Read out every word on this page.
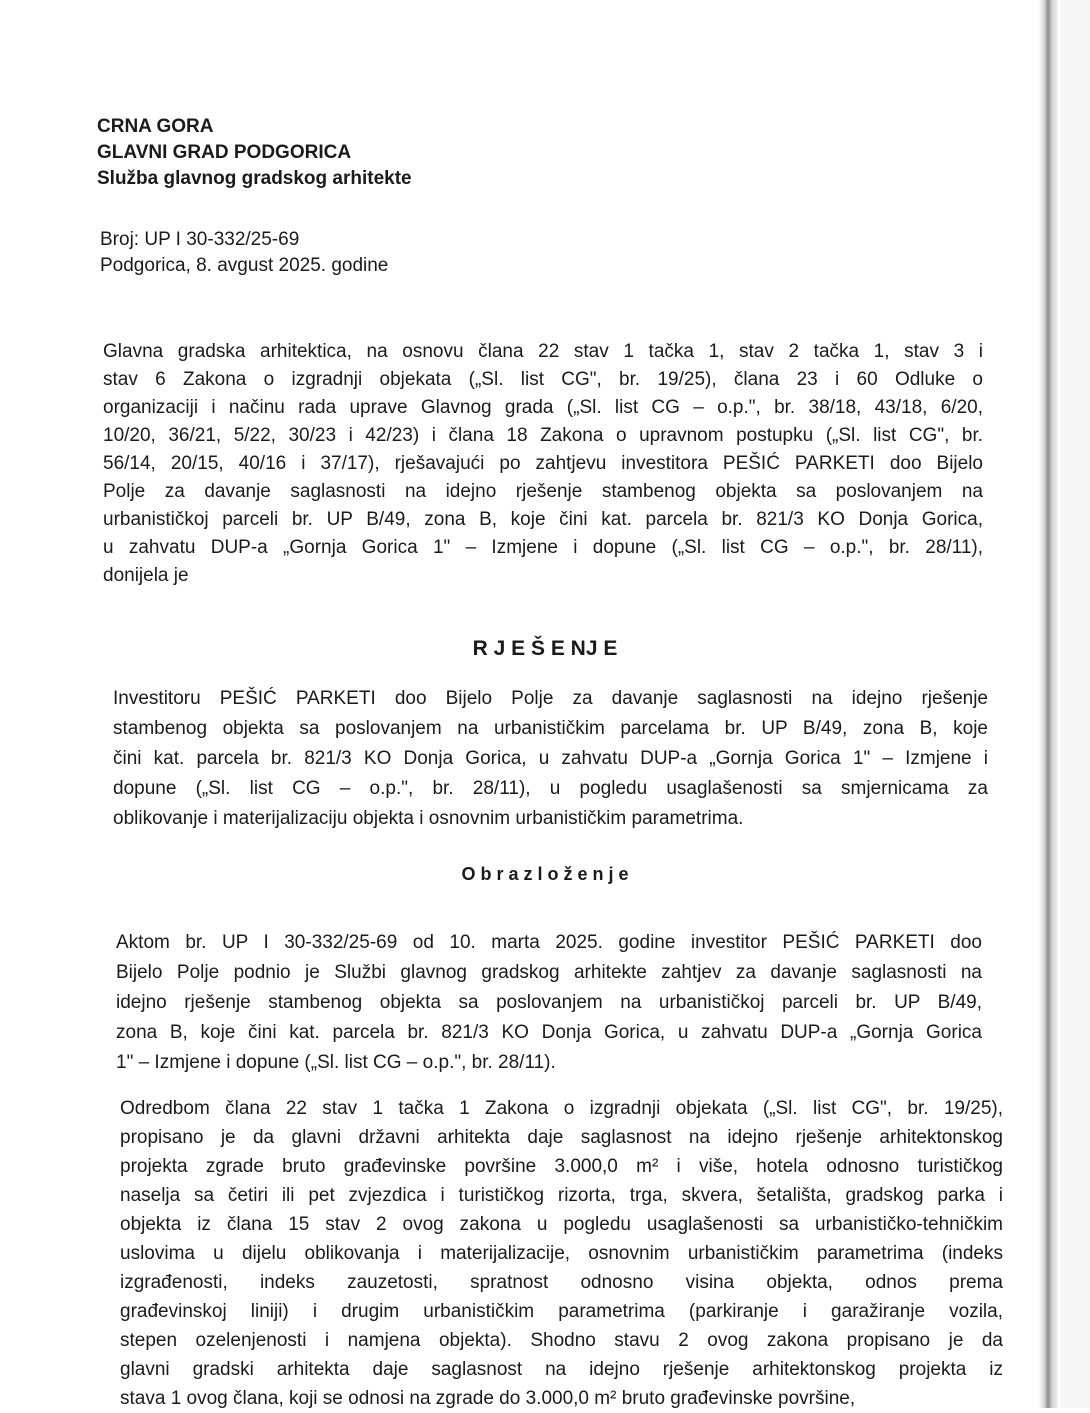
CRNA GORA
GLAVNI GRAD PODGORICA
Služba glavnog gradskog arhitekte
Broj: UP I 30-332/25-69
Podgorica, 8. avgust 2025. godine
Glavna gradska arhitektica, na osnovu člana 22 stav 1 tačka 1, stav 2 tačka 1, stav 3 i
stav 6 Zakona o izgradnji objekata („Sl. list CG", br. 19/25), člana 23 i 60 Odluke o
organizaciji i načinu rada uprave Glavnog grada („Sl. list CG – o.p.", br. 38/18, 43/18, 6/20,
10/20, 36/21, 5/22, 30/23 i 42/23) i člana 18 Zakona o upravnom postupku („Sl. list CG", br.
56/14, 20/15, 40/16 i 37/17), rješavajući po zahtjevu investitora PEŠIĆ PARKETI doo Bijelo
Polje za davanje saglasnosti na idejno rješenje stambenog objekta sa poslovanjem na
urbanističkoj parceli br. UP B/49, zona B, koje čini kat. parcela br. 821/3 KO Donja Gorica,
u zahvatu DUP-a „Gornja Gorica 1" – Izmjene i dopune („Sl. list CG – o.p.", br. 28/11),
donijela je
R J E Š E NJ E
Investitoru PEŠIĆ PARKETI doo Bijelo Polje za davanje saglasnosti na idejno rješenje
stambenog objekta sa poslovanjem na urbanističkim parcelama br. UP B/49, zona B, koje
čini kat. parcela br. 821/3 KO Donja Gorica, u zahvatu DUP-a „Gornja Gorica 1" – Izmjene i
dopune („Sl. list CG – o.p.", br. 28/11), u pogledu usaglašenosti sa smjernicama za
oblikovanje i materijalizaciju objekta i osnovnim urbanističkim parametrima.
O b r a z l o ž e n j e
Aktom br. UP I 30-332/25-69 od 10. marta 2025. godine investitor PEŠIĆ PARKETI doo
Bijelo Polje podnio je Službi glavnog gradskog arhitekte zahtjev za davanje saglasnosti na
idejno rješenje stambenog objekta sa poslovanjem na urbanističkoj parceli br. UP B/49,
zona B, koje čini kat. parcela br. 821/3 KO Donja Gorica, u zahvatu DUP-a „Gornja Gorica
1" – Izmjene i dopune („Sl. list CG – o.p.", br. 28/11).
Odredbom člana 22 stav 1 tačka 1 Zakona o izgradnji objekata („Sl. list CG", br. 19/25),
propisano je da glavni državni arhitekta daje saglasnost na idejno rješenje arhitektonskog
projekta zgrade bruto građevinske površine 3.000,0 m² i više, hotela odnosno turističkog
naselja sa četiri ili pet zvjezdica i turističkog rizorta, trga, skvera, šetališta, gradskog parka i
objekta iz člana 15 stav 2 ovog zakona u pogledu usaglašenosti sa urbanističko-tehničkim
uslovima u dijelu oblikovanja i materijalizacije, osnovnim urbanističkim parametrima (indeks
izgrađenosti, indeks zauzetosti, spratnost odnosno visina objekta, odnos prema
građevinskoj liniji) i drugim urbanističkim parametrima (parkiranje i garažiranje vozila,
stepen ozelenjenosti i namjena objekta). Shodno stavu 2 ovog zakona propisano je da
glavni gradski arhitekta daje saglasnost na idejno rješenje arhitektonskog projekta iz
stava 1 ovog člana, koji se odnosi na zgrade do 3.000,0 m² bruto građevinske površine,
